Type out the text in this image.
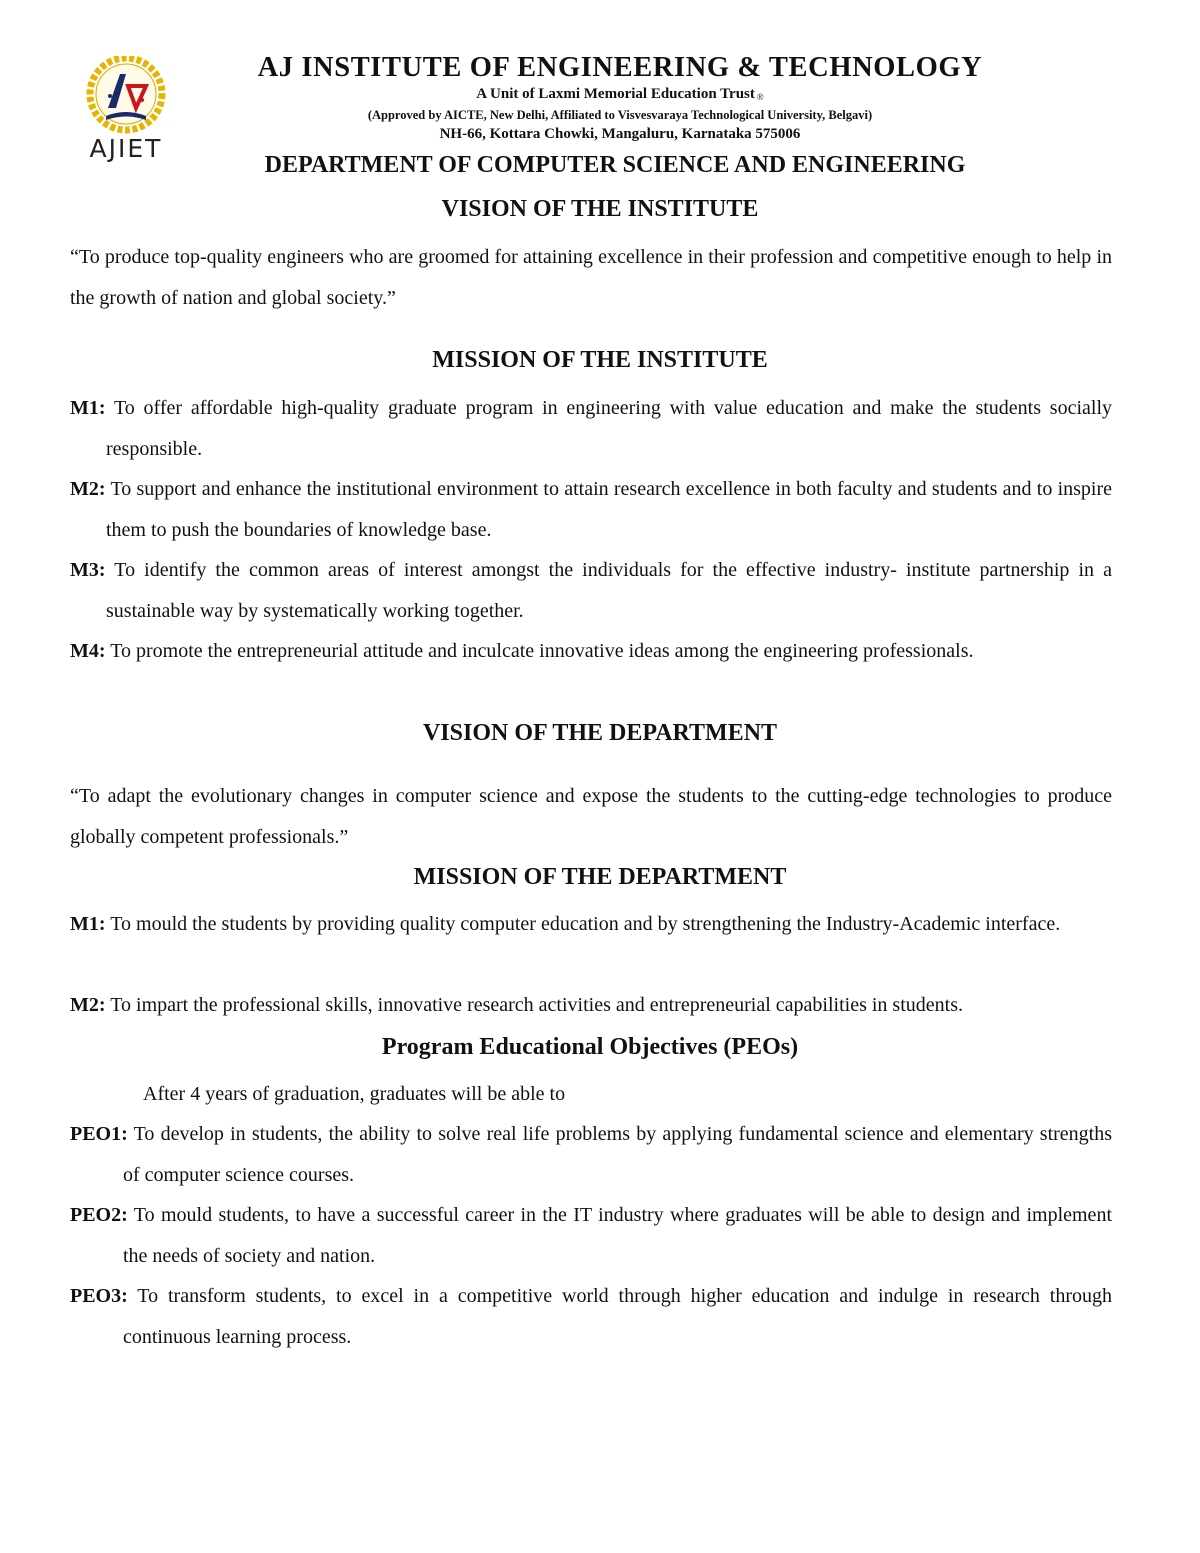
AJIET
AJ INSTITUTE OF ENGINEERING & TECHNOLOGY
A Unit of Laxmi Memorial Education Trust ®
(Approved by AICTE, New Delhi, Affiliated to Visvesvaraya Technological University, Belgavi)
NH-66, Kottara Chowki, Mangaluru, Karnataka 575006
DEPARTMENT OF COMPUTER SCIENCE AND ENGINEERING
VISION OF THE INSTITUTE

“To produce top-quality engineers who are groomed for attaining excellence in their profession and competitive enough to help in the growth of nation and global society.”

MISSION OF THE INSTITUTE

M1: To offer affordable high-quality graduate program in engineering with value education and make the students socially responsible.

M2: To support and enhance the institutional environment to attain research excellence in both faculty and students and to inspire them to push the boundaries of knowledge base.

M3: To identify the common areas of interest amongst the individuals for the effective industry- institute partnership in a sustainable way by systematically working together.

M4: To promote the entrepreneurial attitude and inculcate innovative ideas among the engineering professionals.

VISION OF THE DEPARTMENT

“To adapt the evolutionary changes in computer science and expose the students to the cutting-edge technologies to produce globally competent professionals.”

MISSION OF THE DEPARTMENT

M1: To mould the students by providing quality computer education and by strengthening the Industry-Academic interface.

M2: To impart the professional skills, innovative research activities and entrepreneurial capabilities in students.

Program Educational Objectives (PEOs)
After 4 years of graduation, graduates will be able to

PEO1: To develop in students, the ability to solve real life problems by applying fundamental science and elementary strengths of computer science courses.

PEO2: To mould students, to have a successful career in the IT industry where graduates will be able to design and implement the needs of society and nation.

PEO3: To transform students, to excel in a competitive world through higher education and indulge in research through continuous learning process.
